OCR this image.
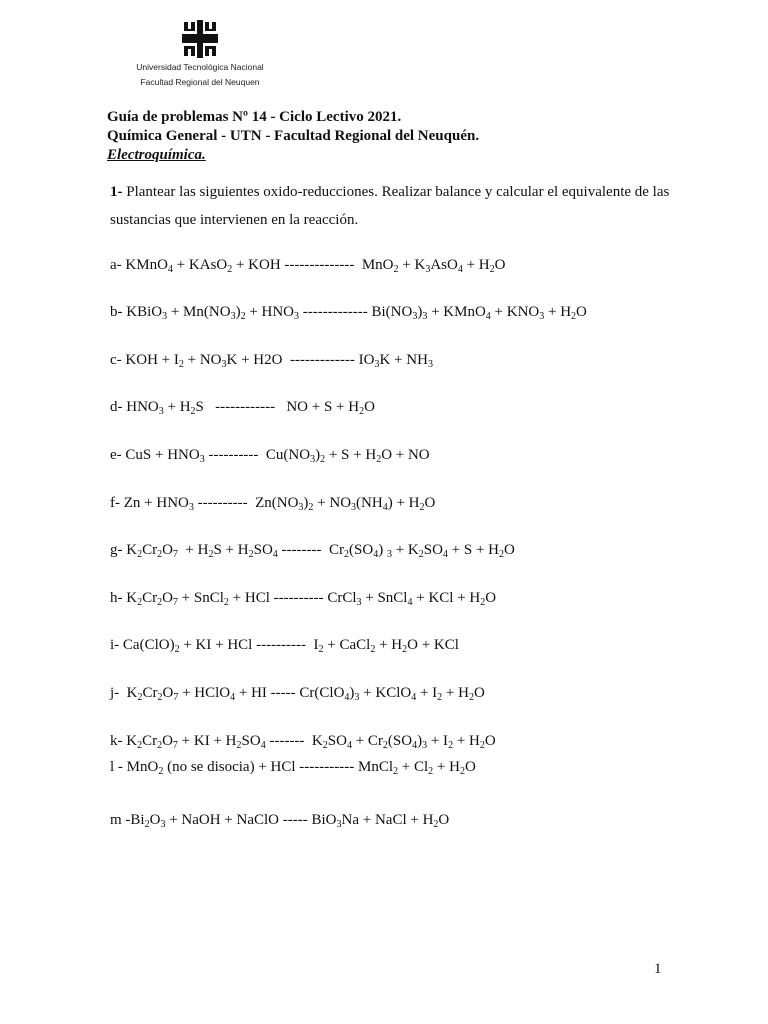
Universidad Tecnológica Nacional
Facultad Regional del Neuquen
Guía de problemas Nº 14 - Ciclo Lectivo 2021.
Química General - UTN - Facultad Regional del Neuquén.
Electroquímica.
1- Plantear las siguientes oxido-reducciones. Realizar balance y calcular el equivalente de las sustancias que intervienen en la reacción.
a- KMnO$_4$ + KAsO$_2$ + KOH --------------  $MnO_2 + K_3AsO_4 + H_2O$
b- KBiO$_3$ + $Mn(NO_3)_2 + HNO_3$ ------------- $Bi(NO_3)_3$ + KMnO$_4$ + $KNO_3 + H_2O$
c- KOH + $I_2 + NO_3K + H2O$  ------------- $IO_3K + NH_3$
d- $HNO_3 + H_2S$   ------------   NO + $S + H_2O$
e- CuS + $HNO_3$ ----------  $Cu(NO_3)_2 + S + H_2O$ + NO
f- $Zn + HNO_3$ ----------  $Zn(NO_3)_2 + NO_3(NH_4) + H_2O$
g- $K_2Cr_2O_7 + H_2S + H_2SO_4$ --------  $Cr_2(SO_4) _3 + K_2SO_4 + S + H_2O$
h- $K_2Cr_2O_7$ + SnCl$_2$ + HCl ---------- CrCl$_3$ + SnCl$_4$ + KCl + $H_2O$
i- $Ca(ClO)_2$ + KI + HCl ----------  $I_2$ + CaCl$_2$ + $H_2O$ + KCl
j-  $K_2Cr_2O_7$ + HClO$_4$ + HI ----- $Cr(ClO_4)_3$ + KClO$_4$ + $I_2 + H_2O$
k- $K_2Cr_2O_7$ + KI + $H_2SO_4$ -------  $K_2SO_4 + Cr_2(SO_4)_3 + I_2 + H_2O$
l - MnO$_2$ (no se disocia) + HCl ----------- MnCl$_2$ + $Cl_2 + H_2O$
m $-Bi_2O_3$ + NaOH + NaClO ----- BiO$_3$Na + NaCl + $H_2O$
1
